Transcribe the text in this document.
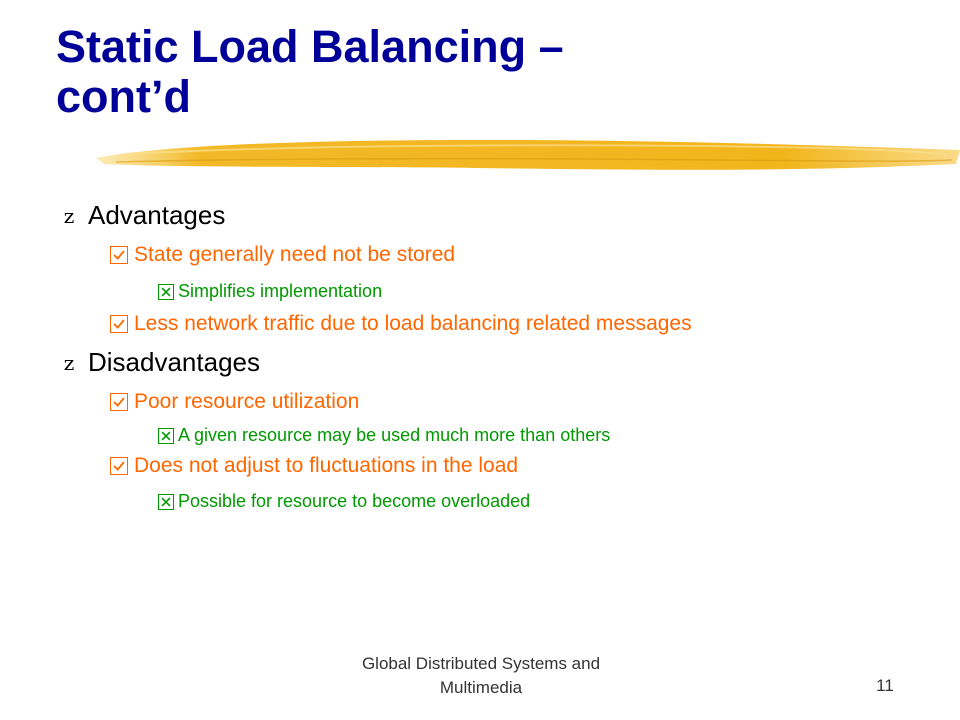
Static Load Balancing –
cont’d
z Advantages
State generally need not be stored
Simplifies implementation
Less network traffic due to load balancing related messages
z Disadvantages
Poor resource utilization
A given resource may be used much more than others
Does not adjust to fluctuations in the load
Possible for resource to become overloaded
Global Distributed Systems and
Multimedia	11
